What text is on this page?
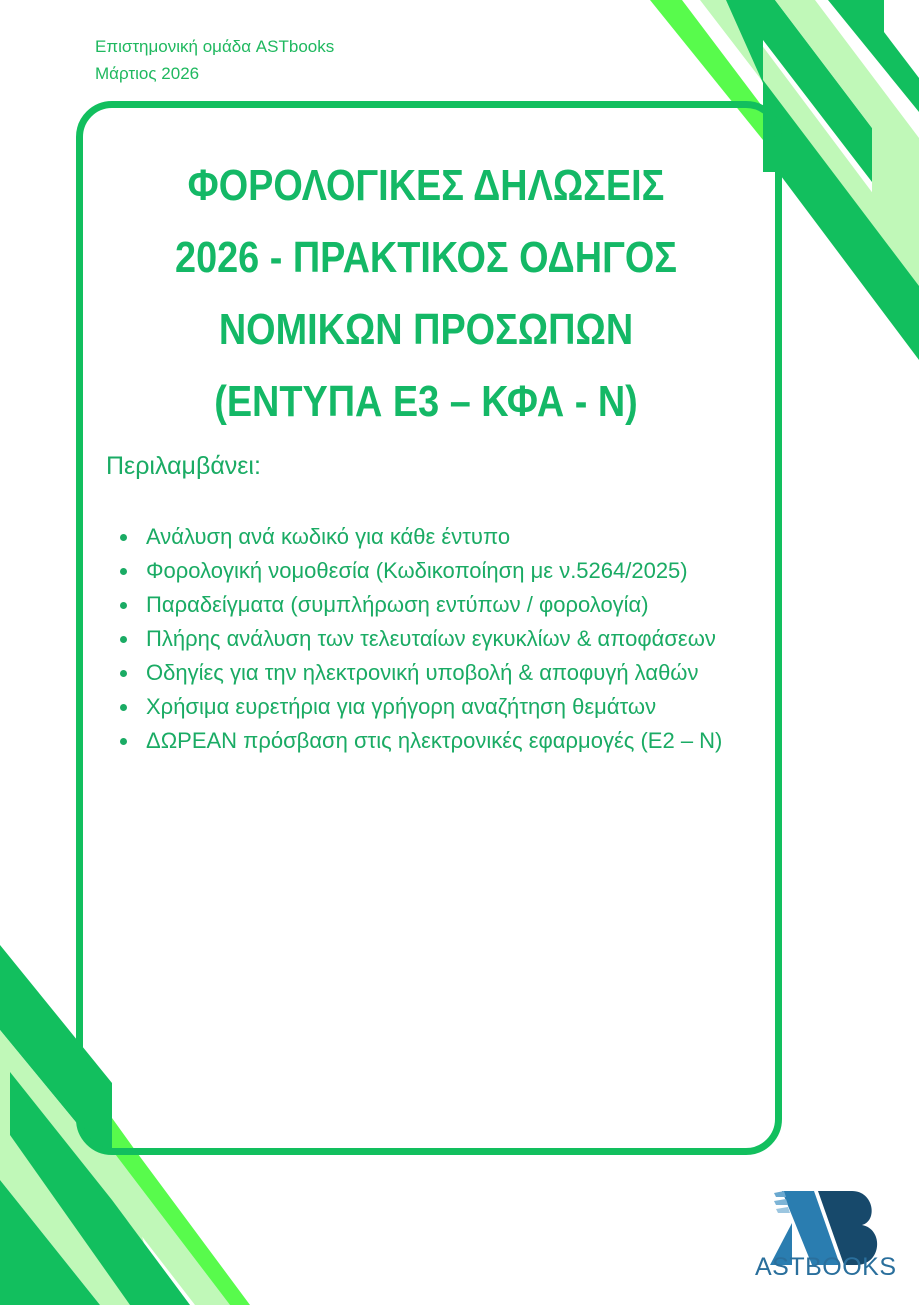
Επιστημονική ομάδα ASTbooks
Μάρτιος 2026
ΦΟΡΟΛΟΓΙΚΕΣ ΔΗΛΩΣΕΙΣ
2026 - ΠΡΑΚΤΙΚΟΣ ΟΔΗΓΟΣ
ΝΟΜΙΚΩΝ ΠΡΟΣΩΠΩΝ
(ΕΝΤΥΠΑ Ε3 – ΚΦΑ - Ν)
Περιλαμβάνει:
Ανάλυση ανά κωδικό για κάθε έντυπο
Φορολογική νομοθεσία (Κωδικοποίηση με ν.5264/2025)
Παραδείγματα (συμπλήρωση εντύπων / φορολογία)
Πλήρης ανάλυση των τελευταίων εγκυκλίων & αποφάσεων
Οδηγίες για την ηλεκτρονική υποβολή & αποφυγή λαθών
Χρήσιμα ευρετήρια για γρήγορη αναζήτηση θεμάτων
ΔΩΡΕΑΝ πρόσβαση στις ηλεκτρονικές εφαρμογές (Ε2 – Ν)
ASTBOOKS
